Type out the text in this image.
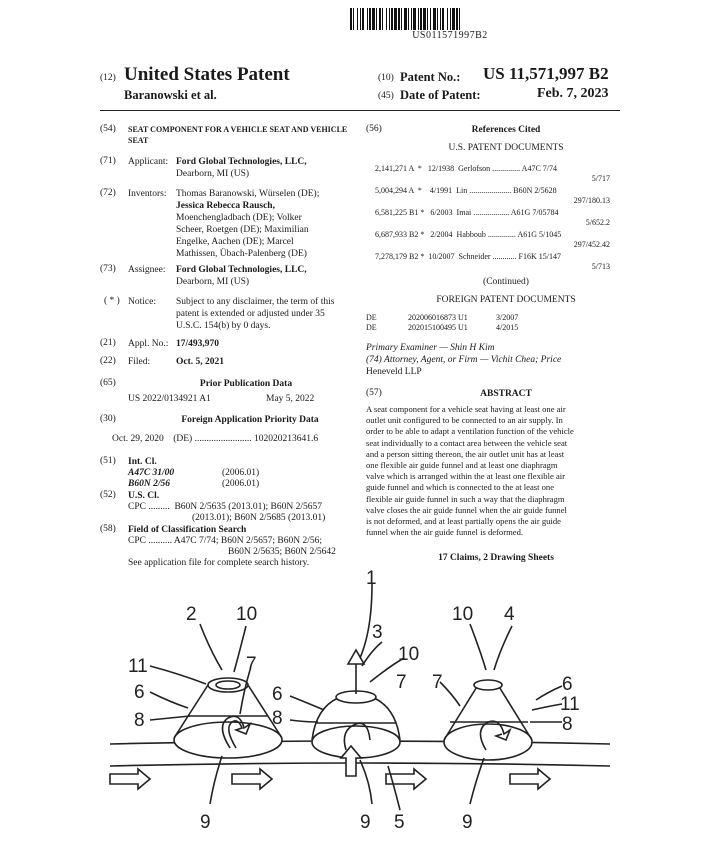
US011571997B2
(12) United States Patent
Baranowski et al.
(10) Patent No.: US 11,571,997 B2
(45) Date of Patent:	Feb. 7, 2023
(54) SEAT COMPONENT FOR A VEHICLE SEAT AND VEHICLE SEAT
(71) Applicant: Ford Global Technologies, LLC,
Dearborn, MI (US)
(72) Inventors: Thomas Baranowski, Würselen (DE);
Jessica Rebecca Rausch,
Moenchengladbach (DE); Volker
Scheer, Roetgen (DE); Maximilian
Engelke, Aachen (DE); Marcel
Mathissen, Übach-Palenberg (DE)
(73) Assignee: Ford Global Technologies, LLC,
Dearborn, MI (US)
( * ) Notice: Subject to any disclaimer, the term of this
patent is extended or adjusted under 35
U.S.C. 154(b) by 0 days.
(21) Appl. No.: 17/493,970
(22) Filed:	Oct. 5, 2021
(65)	Prior Publication Data
US 2022/0134921 A1	May 5, 2022
(30)	Foreign Application Priority Data
Oct. 29, 2020    (DE) ........................ 102020213641.6
(51) Int. Cl.
A47C 31/00	(2006.01)
B60N 2/56	(2006.01)
(52) U.S. Cl.
CPC .........  B60N 2/5635 (2013.01); B60N 2/5657
(2013.01); B60N 2/5685 (2013.01)
(58) Field of Classification Search
CPC .......... A47C 7/74; B60N 2/5657; B60N 2/56;
B60N 2/5635; B60N 2/5642
See application file for complete search history.
(56)	References Cited
U.S. PATENT DOCUMENTS
2,141,271 A  *   12/1938  Gerlofson .............. A47C 7/74
5/717
5,004,294 A  *    4/1991  Lin ..................... B60N 2/5628
297/180.13
6,581,225 B1 *   6/2003  Imai .................. A61G 7/05784
5/652.2
6,687,933 B2 *   2/2004  Habboub .............. A61G 5/1045
297/452.42
7,278,179 B2 *  10/2007  Schneider ............ F16K 15/147
5/713
(Continued)
FOREIGN PATENT DOCUMENTS
DE	202006016873 U1	3/2007
DE	202015100495 U1	4/2015
Primary Examiner — Shin H Kim
(74) Attorney, Agent, or Firm — Vichit Chea; Price
Heneveld LLP
(57)	ABSTRACT
A seat component for a vehicle seat having at least one air
outlet unit configured to be connected to an air supply. In
order to be able to adapt a ventilation function of the vehicle
seat individually to a contact area between the vehicle seat
and a person sitting thereon, the air outlet unit has at least
one flexible air guide funnel and at least one diaphragm
valve which is arranged within the at least one flexible air
guide funnel and which is connected to the at least one
flexible air guide funnel in such a way that the diaphragm
valve closes the air guide funnel when the air guide funnel
is not deformed, and at least partially opens the air guide
funnel when the air guide funnel is deformed.
17 Claims, 2 Drawing Sheets
1
2 10
3
10
10 4
11	7
6
8
6
8
7 7	6
11
8
9	9 5	9
